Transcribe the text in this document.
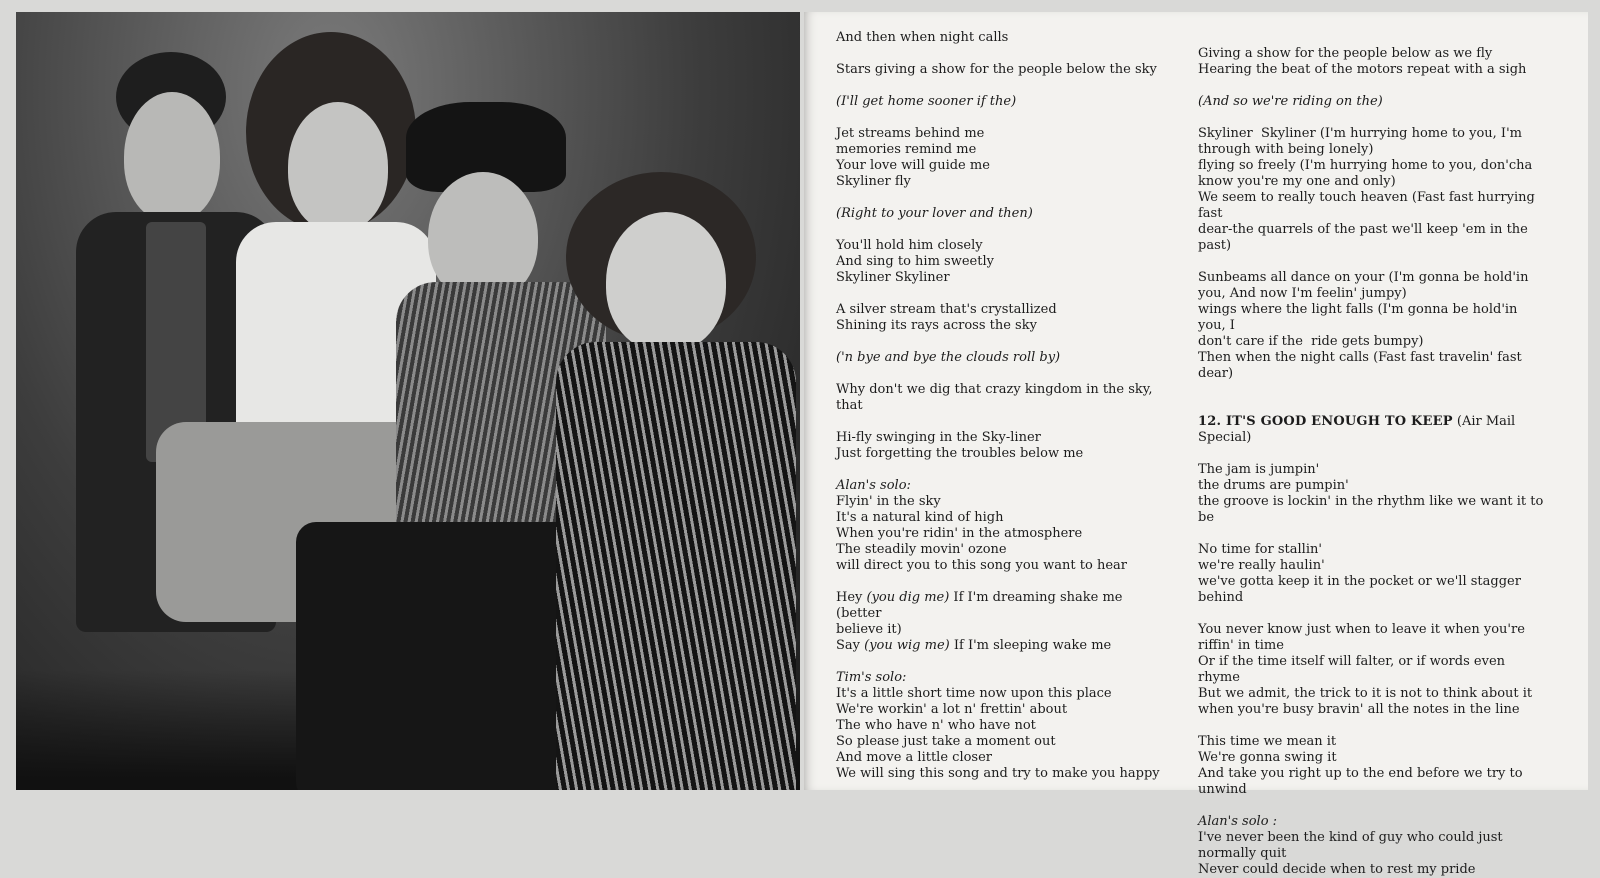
And then when night calls

Stars giving a show for the people below the sky

(I'll get home sooner if the)

Jet streams behind me

memories remind me

Your love will guide me

Skyliner fly

(Right to your lover and then)

You'll hold him closely

And sing to him sweetly

Skyliner Skyliner

A silver stream that's crystallized

Shining its rays across the sky

('n bye and bye the clouds roll by)

Why don't we dig that crazy kingdom in the sky, that

Hi-fly swinging in the Sky-liner

Just forgetting the troubles below me

Alan's solo:

Flyin' in the sky

It's a natural kind of high

When you're ridin' in the atmosphere

The steadily movin' ozone

will direct you to this song you want to hear

Hey (you dig me) If I'm dreaming shake me (better

believe it)

Say (you wig me) If I'm sleeping wake me

Tim's solo:

It's a little short time now upon this place

We're workin' a lot n' frettin' about

The who have n' who have not

So please just take a moment out

And move a little closer

We will sing this song and try to make you happy

Giving a show for the people below as we fly

Hearing the beat of the motors repeat with a sigh

(And so we're riding on the)

Skyliner  Skyliner (I'm hurrying home to you, I'm

through with being lonely)

flying so freely (I'm hurrying home to you, don'cha

know you're my one and only)

We seem to really touch heaven (Fast fast hurrying fast

dear-the quarrels of the past we'll keep 'em in the past)

Sunbeams all dance on your (I'm gonna be hold'in

you, And now I'm feelin' jumpy)

wings where the light falls (I'm gonna be hold'in you, I

don't care if the  ride gets bumpy)

Then when the night calls (Fast fast travelin' fast dear)

12. IT'S GOOD ENOUGH TO KEEP (Air Mail Special)

The jam is jumpin'

the drums are pumpin'

the groove is lockin' in the rhythm like we want it to be

No time for stallin'

we're really haulin'

we've gotta keep it in the pocket or we'll stagger behind

You never know just when to leave it when you're

riffin' in time

Or if the time itself will falter, or if words even rhyme

But we admit, the trick to it is not to think about it

when you're busy bravin' all the notes in the line

This time we mean it

We're gonna swing it

And take you right up to the end before we try to

unwind

Alan's solo :

I've never been the kind of guy who could just

normally quit

Never could decide when to rest my pride
